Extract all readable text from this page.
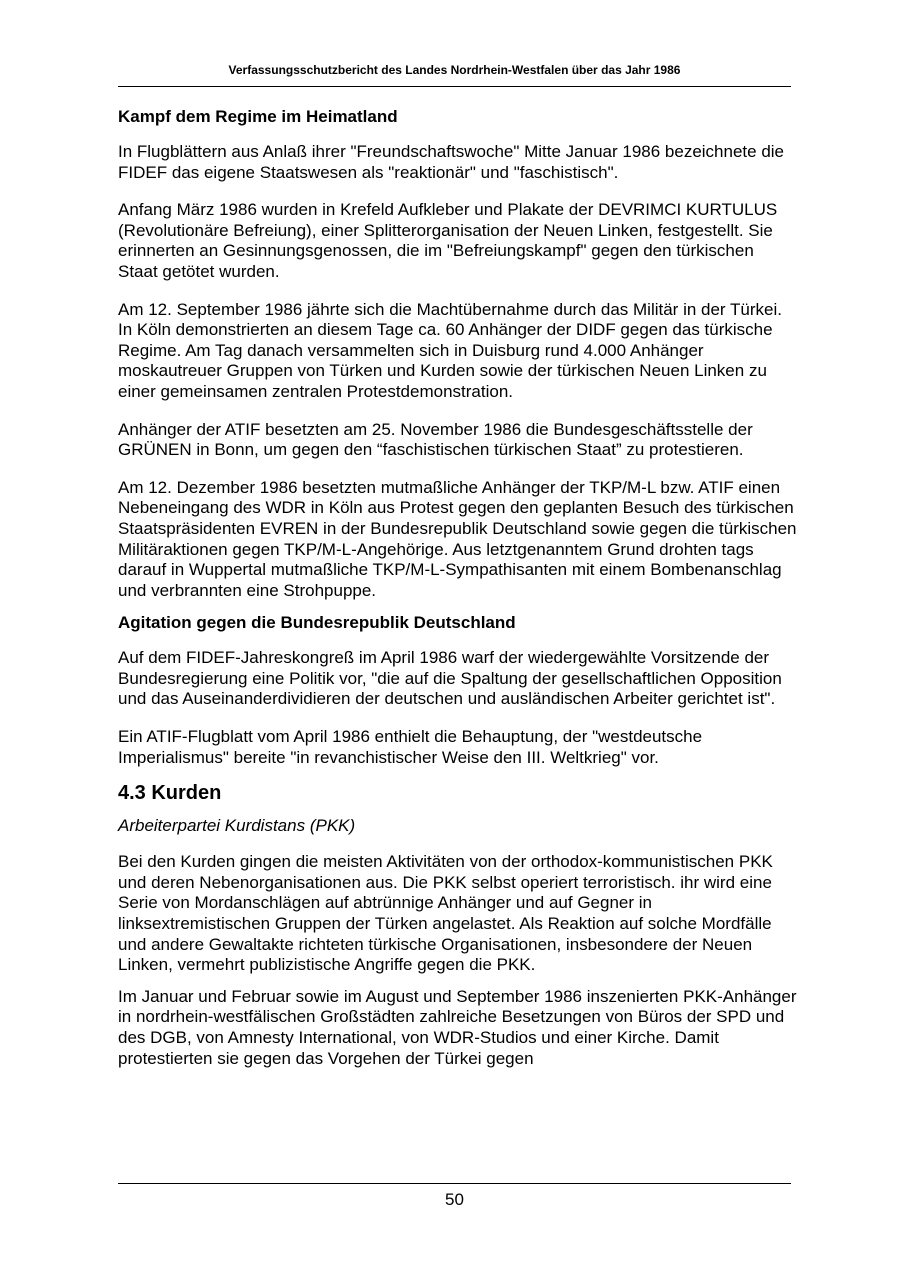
Verfassungsschutzbericht des Landes Nordrhein-Westfalen über das Jahr 1986
Kampf dem Regime im Heimatland

In Flugblättern aus Anlaß ihrer "Freundschaftswoche" Mitte Januar 1986 bezeichnete die FIDEF das eigene Staatswesen als "reaktionär" und "faschistisch".

Anfang März 1986 wurden in Krefeld Aufkleber und Plakate der DEVRIMCI KURTULUS (Revolutionäre Befreiung), einer Splitterorganisation der Neuen Linken, festgestellt. Sie erinnerten an Gesinnungsgenossen, die im "Befreiungskampf" gegen den türkischen Staat getötet wurden.

Am 12. September 1986 jährte sich die Machtübernahme durch das Militär in der Türkei. In Köln demonstrierten an diesem Tage ca. 60 Anhänger der DIDF gegen das türkische Regime. Am Tag danach versammelten sich in Duisburg rund 4.000 Anhänger moskautreuer Gruppen von Türken und Kurden sowie der türkischen Neuen Linken zu einer gemeinsamen zentralen Protestdemonstration.

Anhänger der ATIF besetzten am 25. November 1986 die Bundesgeschäftsstelle der GRÜNEN in Bonn, um gegen den “faschistischen türkischen Staat” zu protestieren.

Am 12. Dezember 1986 besetzten mutmaßliche Anhänger der TKP/M-L bzw. ATIF einen Nebeneingang des WDR in Köln aus Protest gegen den geplanten Besuch des türkischen Staatspräsidenten EVREN in der Bundesrepublik Deutschland sowie gegen die türkischen Militäraktionen gegen TKP/M-L-Angehörige. Aus letztgenanntem Grund drohten tags darauf in Wuppertal mutmaßliche TKP/M-L-Sympathisanten mit einem Bombenanschlag und verbrannten eine Strohpuppe.

Agitation gegen die Bundesrepublik Deutschland

Auf dem FIDEF-Jahreskongreß im April 1986 warf der wiedergewählte Vorsitzende der Bundesregierung eine Politik vor, "die auf die Spaltung der gesellschaftlichen Opposition und das Auseinanderdividieren der deutschen und ausländischen Arbeiter gerichtet ist".

Ein ATIF-Flugblatt vom April 1986 enthielt die Behauptung, der "westdeutsche Imperialismus" bereite "in revanchistischer Weise den III. Weltkrieg" vor.

4.3 Kurden
Arbeiterpartei Kurdistans (PKK)

Bei den Kurden gingen die meisten Aktivitäten von der orthodox-kommunistischen PKK und deren Nebenorganisationen aus. Die PKK selbst operiert terroristisch. ihr wird eine Serie von Mordanschlägen auf abtrünnige Anhänger und auf Gegner in linksextremistischen Gruppen der Türken angelastet. Als Reaktion auf solche Mordfälle und andere Gewaltakte richteten türkische Organisationen, insbesondere der Neuen Linken, vermehrt publizistische Angriffe gegen die PKK.

Im Januar und Februar sowie im August und September 1986 inszenierten PKK-Anhänger in nordrhein-westfälischen Großstädten zahlreiche Besetzungen von Büros der SPD und des DGB, von Amnesty International, von WDR-Studios und einer Kirche. Damit protestierten sie gegen das Vorgehen der Türkei gegen

50
